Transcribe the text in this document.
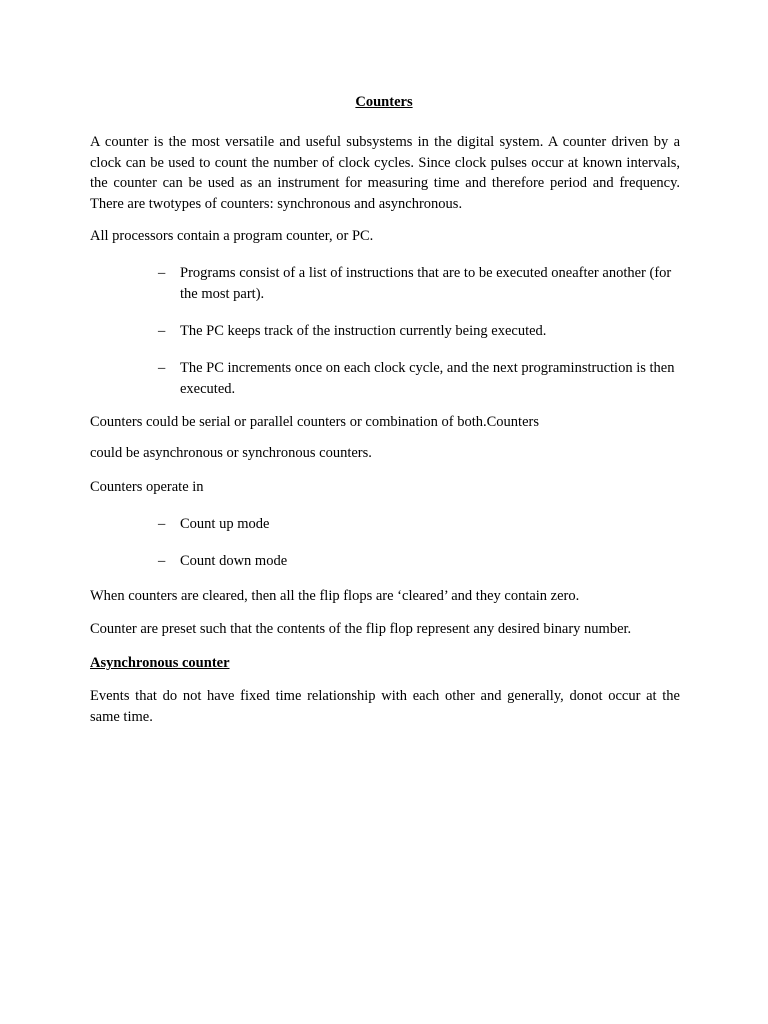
Counters

A counter is the most versatile and useful subsystems in the digital system. A counter driven by a clock can be used to count the number of clock cycles. Since clock pulses occur at known intervals, the counter can be used as an instrument for measuring time and therefore period and frequency. There are twotypes of counters: synchronous and asynchronous.

All processors contain a program counter, or PC.

–	Programs consist of a list of instructions that are to be executed oneafter another (for the most part).
–	The PC keeps track of the instruction currently being executed.
–	The PC increments once on each clock cycle, and the next programinstruction is then executed.

Counters could be serial or parallel counters or combination of both.Counters

could be asynchronous or synchronous counters.

Counters operate in

–	Count up mode
–	Count down mode

When counters are cleared, then all the flip flops are ‘cleared’ and they contain zero.

Counter are preset such that the contents of the flip flop represent any desired binary number.

Asynchronous counter

Events that do not have fixed time relationship with each other and generally, donot occur at the same time.
